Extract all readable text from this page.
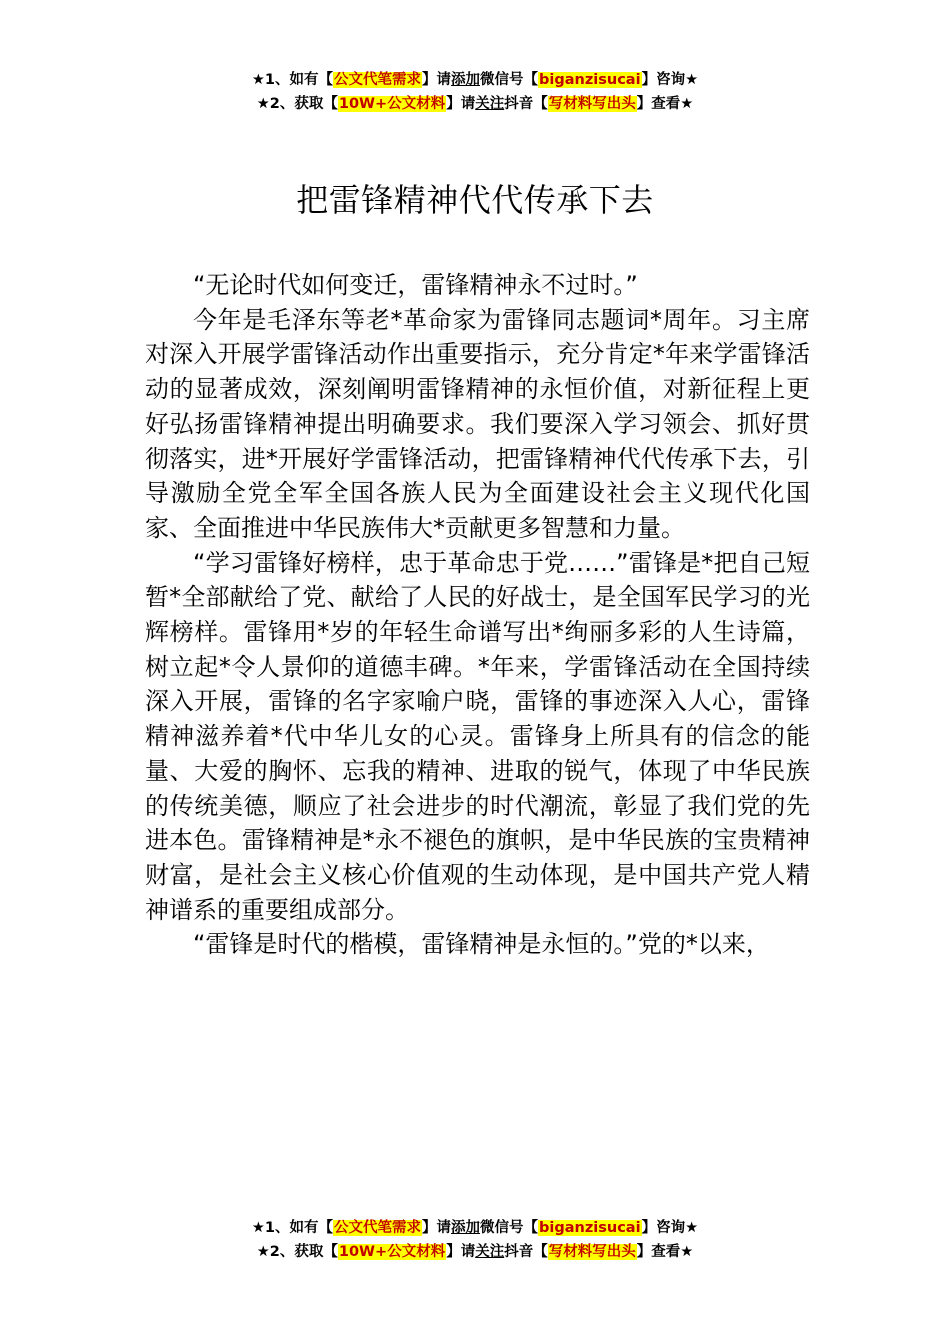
★1、如有【公文代笔需求】请添加微信号【biganzisucai】咨询★
★2、获取【10W+公文材料】请关注抖音【写材料写出头】查看★
把雷锋精神代代传承下去

“无论时代如何变迁，雷锋精神永不过时。”

今年是毛泽东等老*革命家为雷锋同志题词*周年。习主席对深入开展学雷锋活动作出重要指示，充分肯定*年来学雷锋活动的显著成效，深刻阐明雷锋精神的永恒价值，对新征程上更好弘扬雷锋精神提出明确要求。我们要深入学习领会、抓好贯彻落实，进*开展好学雷锋活动，把雷锋精神代代传承下去，引导激励全党全军全国各族人民为全面建设社会主义现代化国家、全面推进中华民族伟大*贡献更多智慧和力量。

“学习雷锋好榜样，忠于革命忠于党……”雷锋是*把自己短暂*全部献给了党、献给了人民的好战士，是全国军民学习的光辉榜样。雷锋用*岁的年轻生命谱写出*绚丽多彩的人生诗篇，树立起*令人景仰的道德丰碑。*年来，学雷锋活动在全国持续深入开展，雷锋的名字家喻户晓，雷锋的事迹深入人心，雷锋精神滋养着*代中华儿女的心灵。雷锋身上所具有的信念的能量、大爱的胸怀、忘我的精神、进取的锐气，体现了中华民族的传统美德，顺应了社会进步的时代潮流，彰显了我们党的先进本色。雷锋精神是*永不褪色的旗帜，是中华民族的宝贵精神财富，是社会主义核心价值观的生动体现，是中国共产党人精神谱系的重要组成部分。

“雷锋是时代的楷模，雷锋精神是永恒的。”党的*以来，

★1、如有【公文代笔需求】请添加微信号【biganzisucai】咨询★
★2、获取【10W+公文材料】请关注抖音【写材料写出头】查看★
